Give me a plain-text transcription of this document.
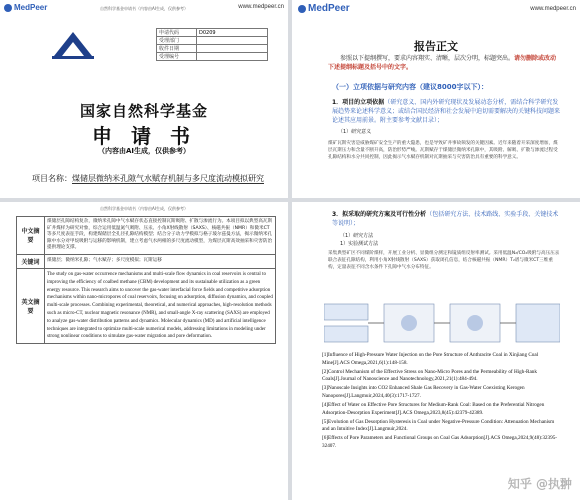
MedPeer	自然科学基金申请书（内容由AI生成，仅供参考）	www.medpeer.cn
申请代码	D0209
受理部门	
收件日期	
受理编号	
国家自然科学基金
申 请 书
（内容由AI生成，仅供参考）
项目名称：煤储层微纳米孔隙气水赋存机制与多尺度流动模拟研究
MedPeer	www.medpeer.cn
报告正文
参照以下提纲撰写，要求内容翔实、清晰，层次分明，标题突出。请勿删除或改动下述提纲标题及括号中的文字。
（一）立项依据与研究内容（建议8000字以下）：
1．项目的立项依据（研究意义、国内外研究现状及发展动态分析，需结合科学研究发展趋势来论述科学意义；或结合国民经济和社会发展中迫切需要解决的关键科技问题来论述其应用前景。附主要参考文献目录）；
（1）研究意义
煤矿瓦斯灾害是威胁煤矿安全生产的重大隐患，也是导致矿井事故频发的关键因素。近年来随着开采深度增加，煤层瓦斯压力和含量不断升高，防治形势严峻。瓦斯赋存于煤储层微纳米孔隙中，其吸附、解吸、扩散与渗流过程受孔隙结构和水分共同控制，因此揭示气水赋存机制对瓦斯抽采与灾害防治具有重要的科学意义。
自然科学基金申请书（内容由AI生成，仅供参考）
中文摘要	煤储层孔隙结构复杂，微纳米孔隙中气水赋存状态直接控制瓦斯吸附、扩散与渗流行为。本项目拟以典型高瓦斯矿井煤样为研究对象，综合运用低温氮气吸附、压汞、小角X射线散射（SAXS）、核磁共振（NMR）和微米CT等多尺度表征手段，构建煤储层全孔径孔隙结构模型；结合分子动力学模拟与格子玻尔兹曼方法，揭示微纳米孔隙中水分对甲烷吸附与运移的影响机制，建立考虑气水两相的多尺度流动模型，为煤层瓦斯高效抽采和灾害防治提供理论支撑。
关键词	煤储层；微纳米孔隙；气水赋存；多尺度模拟；瓦斯运移
英文摘要	The study on gas-water occurrence mechanisms and multi-scale flow dynamics in coal reservoirs is central to improving the efficiency of coalbed methane (CBM) development and its sustainable utilization as a green energy resource. This research aims to uncover the gas-water interfacial force fields and competitive adsorption mechanisms within nano-micropores of coal reservoirs, focusing on adsorption, diffusion dynamics, and coupled multi-scale processes. Combining experimental, theoretical, and numerical approaches, high-resolution methods such as micro-CT, nuclear magnetic resonance (NMR), and small-angle X-ray scattering (SAXS) are employed to analyze gas-water distribution patterns and dynamics. Molecular dynamics (MD) and artificial intelligence techniques are integrated to optimize multi-scale numerical models, addressing limitations in modeling under strong nonlinear conditions to simulate gas-water migration and pore deformation.
3．拟采取的研究方案及可行性分析（包括研究方法、技术路线、实验手段、关键技术等说明）；
（1）研究方法
1）实验测试方法
采集典型矿区不同煤阶煤样，开展工业分析、显微组分测定和镜质组反射率测试。采用低温N₂/CO₂吸附与高压压汞联合表征孔隙结构，利用小角X射线散射（SAXS）获取闭孔信息，结合核磁共振（NMR）T₂谱与微米CT三维重构，定量表征不同含水条件下孔隙中气水分布特征。

[1]Influence of High-Pressure Water Injection on the Pore Structure of Anthracite Coal in Xinjiang Coal Mine[J].ACS Omega,2021,6(1):148-158.

[2]Control Mechanism of the Effective Stress on Nano-Micro Pores and the Permeability of High-Rank Coals[J].Journal of Nanoscience and Nanotechnology,2021,21(1):484-494.

[3]Nanoscale Insights into CO2 Enhanced Shale Gas Recovery in Gas-Water Coexisting Kerogen Nanopores[J].Langmuir,2024,40(3):1717-1727.

[4]Effect of Water on Effective Pore Structures for Medium-Rank Coal: Based on the Preferential Nitrogen Adsorption-Desorption Experiment[J].ACS Omega,2023,8(45):42379-42389.

[5]Evolution of Gas Desorption Hysteresis in Coal under Negative-Pressure Condition: Attenuation Mechanism and an Intuitive Index[J].Langmuir,2024.

[6]Effects of Pore Parameters and Functional Groups on Coal Gas Adsorption[J].ACS Omega,2024,9(48):32395-32407.

知乎 @执翀
